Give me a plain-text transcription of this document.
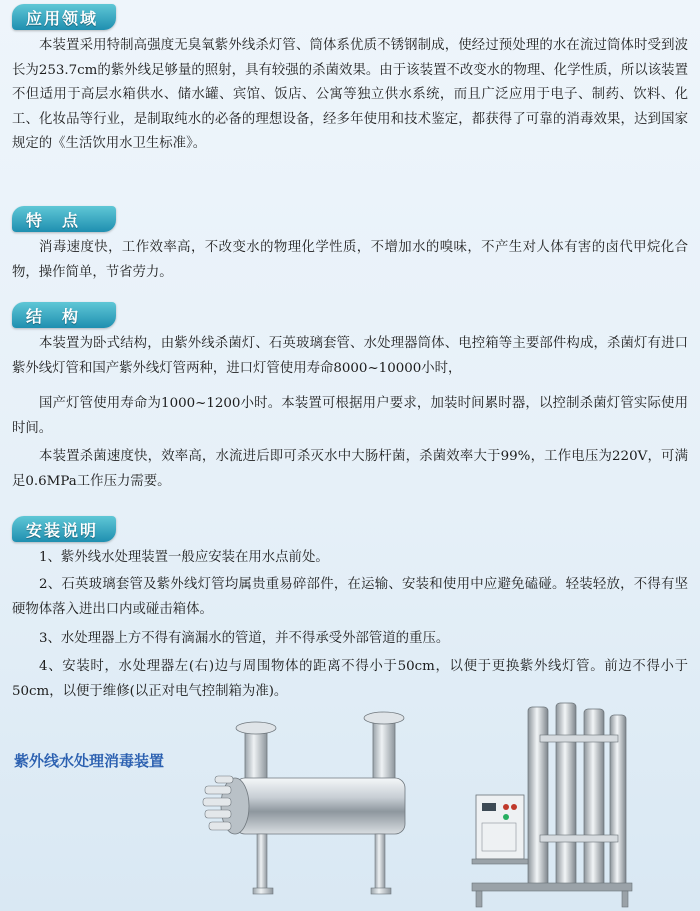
应用领域

本装置采用特制高强度无臭氧紫外线杀灯管、筒体系优质不锈钢制成，使经过预处理的水在流过筒体时受到波长为253.7cm的紫外线足够量的照射，具有较强的杀菌效果。由于该装置不改变水的物理、化学性质，所以该装置不但适用于高层水箱供水、储水罐、宾馆、饭店、公寓等独立供水系统，而且广泛应用于电子、制药、饮料、化工、化妆品等行业，是制取纯水的必备的理想设备，经多年使用和技术鉴定，都获得了可靠的消毒效果，达到国家规定的《生活饮用水卫生标准》。

特点

消毒速度快，工作效率高，不改变水的物理化学性质，不增加水的嗅味，不产生对人体有害的卤代甲烷化合物，操作简单，节省劳力。

结构

本装置为卧式结构，由紫外线杀菌灯、石英玻璃套管、水处理器筒体、电控箱等主要部件构成，杀菌灯有进口紫外线灯管和国产紫外线灯管两种，进口灯管使用寿命8000~10000小时，

国产灯管使用寿命为1000~1200小时。本装置可根据用户要求，加装时间累时器，以控制杀菌灯管实际使用时间。

本装置杀菌速度快，效率高，水流进后即可杀灭水中大肠杆菌，杀菌效率大于99%，工作电压为220V，可满足0.6MPa工作压力需要。

安装说明

1、紫外线水处理装置一般应安装在用水点前处。

2、石英玻璃套管及紫外线灯管均属贵重易碎部件，在运输、安装和使用中应避免磕碰。轻装轻放，不得有坚硬物体落入进出口内或碰击箱体。

3、水处理器上方不得有滴漏水的管道，并不得承受外部管道的重压。

4、安装时，水处理器左(右)边与周围物体的距离不得小于50cm，以便于更换紫外线灯管。前边不得小于50cm，以便于维修(以正对电气控制箱为准)。

紫外线水处理消毒装置
